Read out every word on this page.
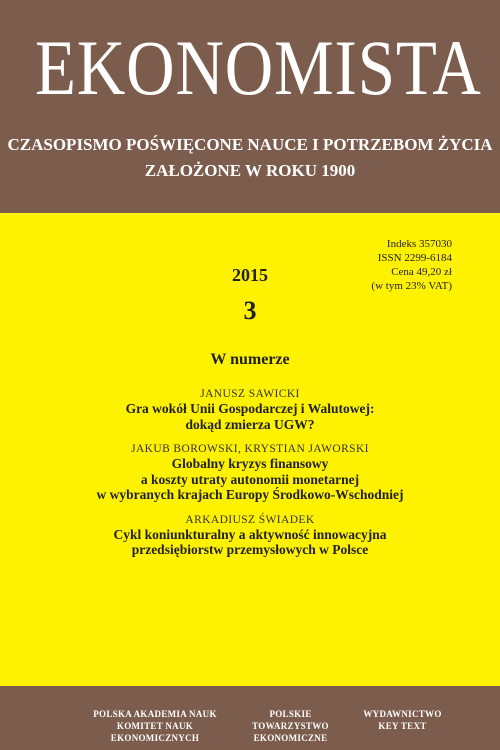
EKONOMISTA
CZASOPISMO POŚWIĘCONE NAUCE I POTRZEBOM ŻYCIA
ZAŁOŻONE W ROKU 1900
Indeks 357030
ISSN 2299-6184
Cena 49,20 zł
(w tym 23% VAT)
2015
3
W numerze
JANUSZ SAWICKI
Gra wokół Unii Gospodarczej i Walutowej:
dokąd zmierza UGW?
JAKUB BOROWSKI, KRYSTIAN JAWORSKI
Globalny kryzys finansowy
a koszty utraty autonomii monetarnej
w wybranych krajach Europy Środkowo-Wschodniej
ARKADIUSZ ŚWIADEK
Cykl koniunkturalny a aktywność innowacyjna
przedsiębiorstw przemysłowych w Polsce
POLSKA AKADEMIA NAUK
KOMITET NAUK EKONOMICZNYCH
POLSKIE TOWARZYSTWO
EKONOMICZNE
WYDAWNICTWO
KEY TEXT
